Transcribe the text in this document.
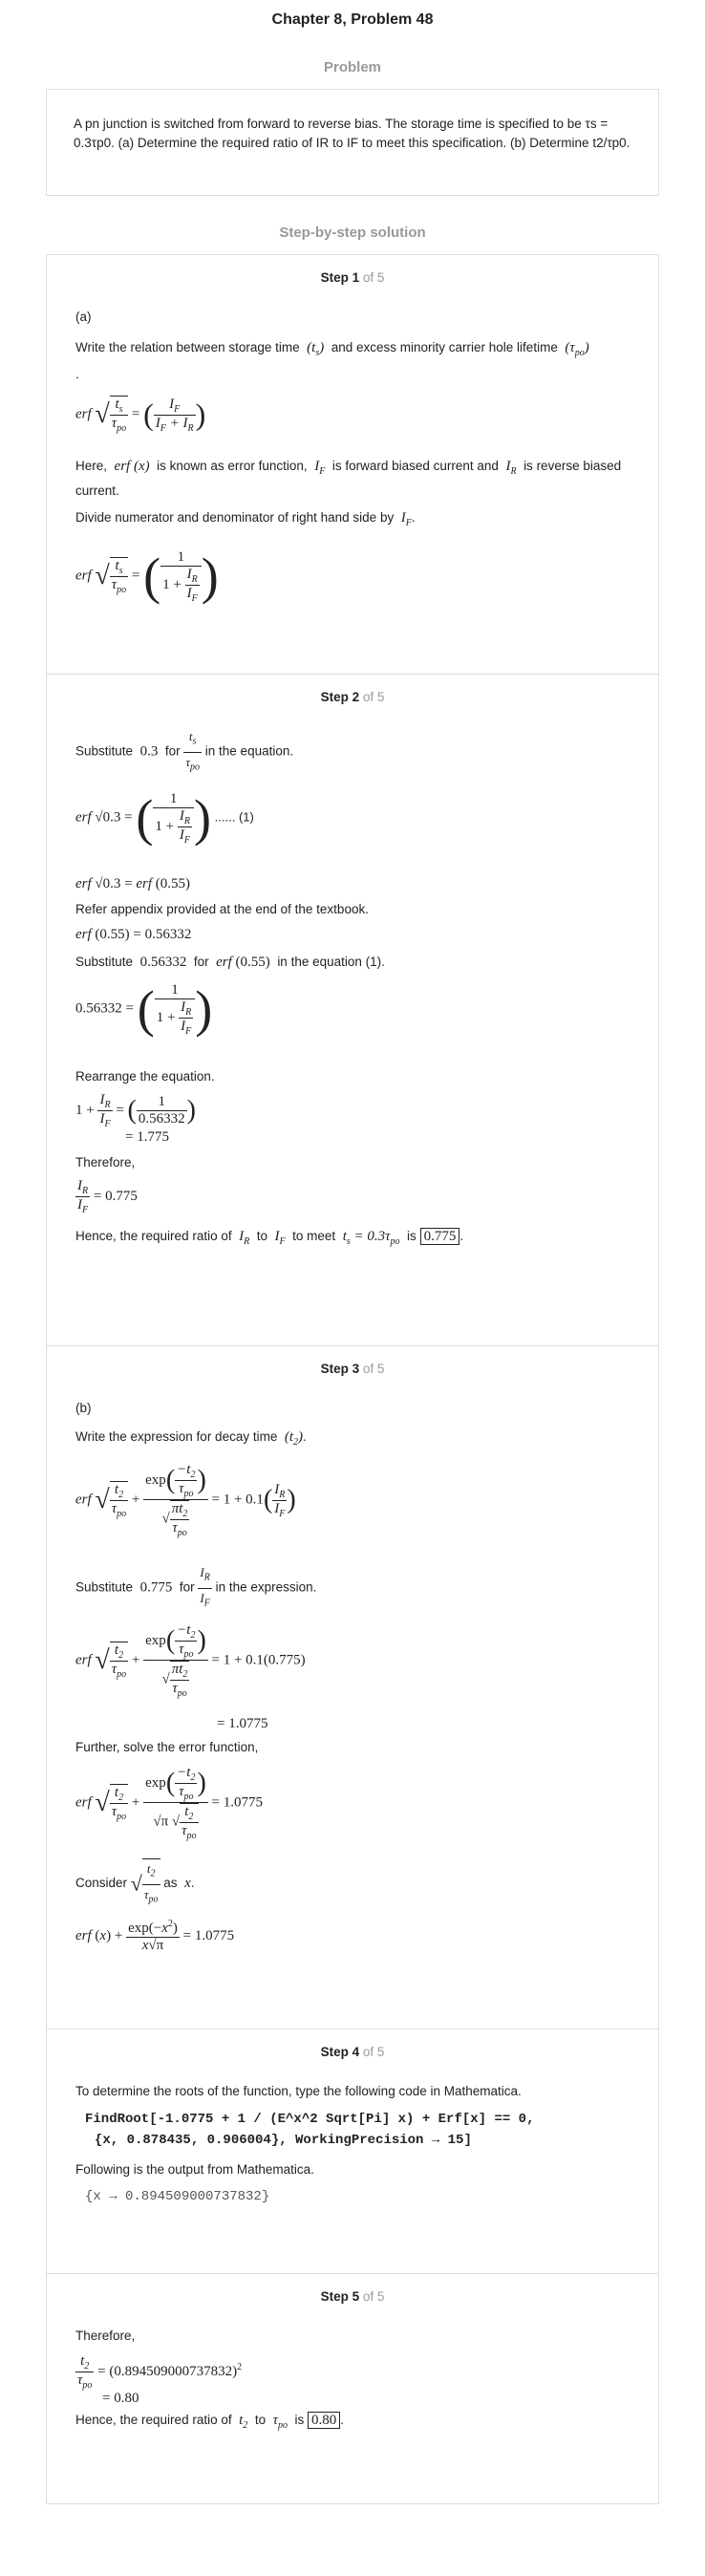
Chapter 8, Problem 48
Problem
A pn junction is switched from forward to reverse bias. The storage time is specified to be τs = 0.3τp0. (a) Determine the required ratio of IR to IF to meet this specification. (b) Determine t2/τp0.
Step-by-step solution
Step 1 of 5

(a)

Write the relation between storage time  $(t_s)$  and excess minority carrier hole lifetime  $(\tau_{po})$

.

erf √ $\frac{t_s}{\tau_{po}}$ = ( $\frac{I_F}{I_F + I_R}$ )

Here,  erf (x)  is known as error function,  $I_F$ is forward biased current and  $I_R$ is reverse biased current.

Divide numerator and denominator of right hand side by  $I_F$.

erf √ $\frac{t_s}{\tau_{po}}$ = ( $\frac{1}{1 + \frac{I_R}{I_F}}$ )
Step 2 of 5

Substitute 0.3 for $\frac{t_s}{\tau_{po}}$ in the equation.

erf √0.3 = ( $\frac{1}{1 + \frac{I_R}{I_F}}$ ) ...... (1)
erf √0.3 = erf (0.55)

Refer appendix provided at the end of the textbook.

erf (0.55) = 0.56332

Substitute  0.56332  for  erf (0.55)  in the equation (1).

0.56332 = ( $\frac{1}{1 + \frac{I_R}{I_F}}$ )

Rearrange the equation.

$1 + \frac{I_R}{I_F}$ = ( $\frac{1}{0.56332}$ )
= 1.775

Therefore,

$\frac{I_R}{I_F} = 0.775$

Hence, the required ratio of  $I_R$ to  $I_F$ to meet  $t_s = 0.3\tau_{po}$ is 0.775 .

Step 3 of 5

(b)

Write the expression for decay time  $(t_2)$.

erf √ $\frac{t_2}{\tau_{po}} + \frac{\exp( \frac{-t_2}{\tau_{po}} )}{√ \frac{\pi t_2}{\tau_{po}}} = 1 + 0.1( \frac{I_R}{I_F}$ )

Substitute 0.775 for $\frac{I_R}{I_F}$ in the expression.

erf √ $\frac{t_2}{\tau_{po}} + \frac{\exp( \frac{-t_2}{\tau_{po}} )}{√ \frac{\pi t_2}{\tau_{po}}} = 1 + 0.1(0.775)$
= 1.0775

Further, solve the error function,

erf √ $\frac{t_2}{\tau_{po}} + \frac{\exp( \frac{-t_2}{\tau_{po}} )}{√\pi √ \frac{t_2}{\tau_{po}}} = 1.0775$

Consider √ $\frac{t_2}{\tau_{po}}$ as  x.

erf $(x) + \frac{\exp(-x^2)}{x√\pi} = 1.0775$
Step 4 of 5

To determine the roots of the function, type the following code in Mathematica.

FindRoot[-1.0775 + 1 / (E^x^2 Sqrt[Pi] x) + Erf[x] == 0,
{x, 0.878435, 0.906004}, WorkingPrecision → 15]

Following is the output from Mathematica.

{x → 0.894509000737832}
Step 5 of 5

Therefore,

$\frac{t_2}{\tau_{po}} = (0.894509000737832)^2$
= 0.80

Hence, the required ratio of  $t_2$ to  $\tau_{po}$ is 0.80 .
